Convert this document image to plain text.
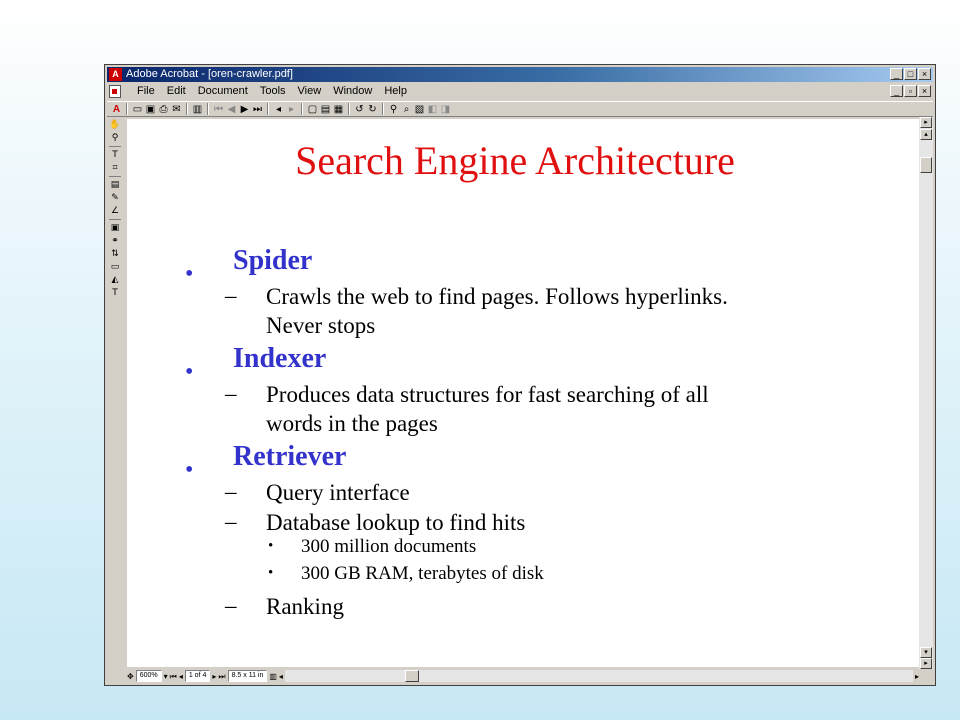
A Adobe Acrobat - [oren-crawler.pdf]	_ □ ×
File	Edit	Document	Tools	View	Window	Help	_	▫	×
A ▭ ▣ ⎙ ✉ ▥ ⏮ ◀ ▶ ⏭ ◂ ▸ ▢ ▤ ▦ ↺ ↻ ⚲ ⌕ ▧ ◧ ◨
✋
⚲
T
⌗
▤
✎
∠
▣
⚭
⇅
▭
◭
T
Search Engine Architecture
• Spider
– Crawls the web to find pages. Follows hyperlinks.
Never stops
• Indexer
– Produces data structures for fast searching of all
words in the pages
• Retriever
– Query interface
– Database lookup to find hits
• 300 million documents
• 300 GB RAM, terabytes of disk
– Ranking
▸
▴
▾
▸
✥ 600% ▾ ⏮ ◂ 1 of 4 ▸ ⏭ 8.5 x 11 in ▥ ◂	▸
